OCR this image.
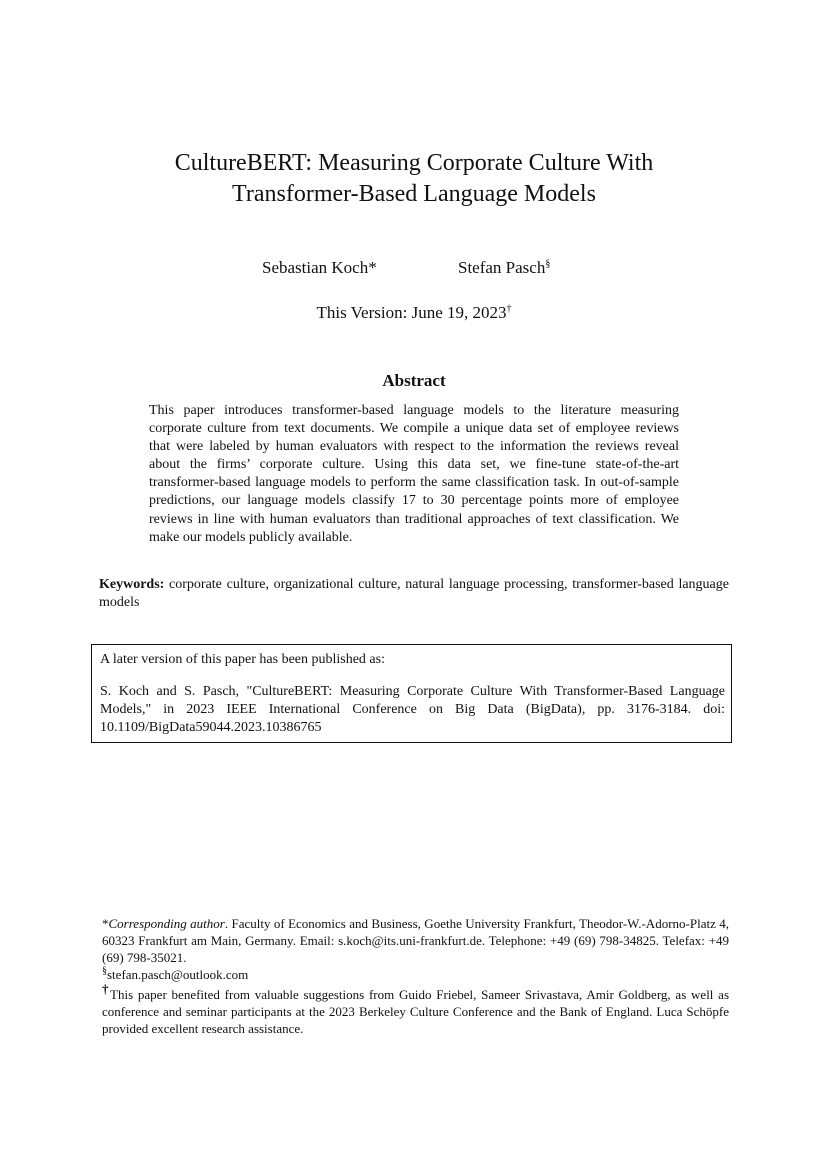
CultureBERT: Measuring Corporate Culture With
Transformer-Based Language Models
Sebastian Koch*	Stefan Pasch§
This Version: June 19, 2023†
Abstract
This paper introduces transformer-based language models to the literature measuring corporate culture from text documents. We compile a unique data set of employee reviews that were labeled by human evaluators with respect to the information the reviews reveal about the firms’ corporate culture. Using this data set, we fine-tune state-of-the-art transformer-based language models to perform the same classification task. In out-of-sample predictions, our language models classify 17 to 30 percentage points more of employee reviews in line with human evaluators than traditional approaches of text classification. We make our models publicly available.
Keywords: corporate culture, organizational culture, natural language processing, transformer-based language models

A later version of this paper has been published as:

S. Koch and S. Pasch, "CultureBERT: Measuring Corporate Culture With Transformer-Based Language Models," in 2023 IEEE International Conference on Big Data (BigData), pp. 3176-3184. doi: 10.1109/BigData59044.2023.10386765

*Corresponding author. Faculty of Economics and Business, Goethe University Frankfurt, Theodor-W.-Adorno-Platz 4, 60323 Frankfurt am Main, Germany. Email: s.koch@its.uni-frankfurt.de. Telephone: +49 (69) 798-34825. Telefax: +49 (69) 798-35021.

§stefan.pasch@outlook.com

†This paper benefited from valuable suggestions from Guido Friebel, Sameer Srivastava, Amir Goldberg, as well as conference and seminar participants at the 2023 Berkeley Culture Conference and the Bank of England. Luca Schöpfe provided excellent research assistance.
